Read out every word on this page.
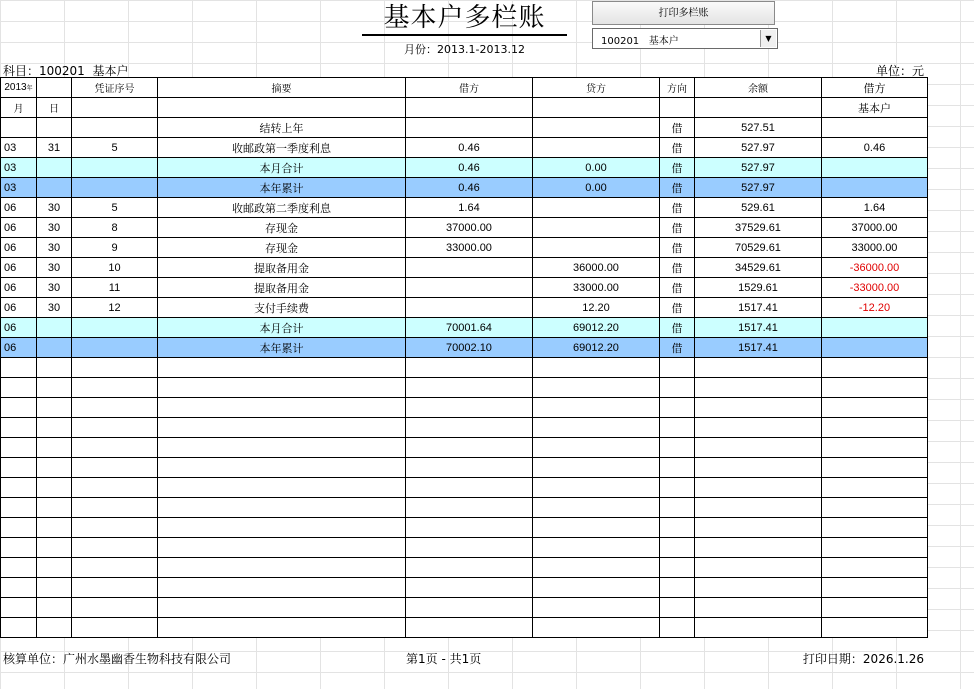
基本户多栏账
月份：2013.1-2013.12
打印多栏账
100201   基本户	▼
科目：100201  基本户	单位：元
2013年		凭证序号	摘要	借方	贷方	方向	余额	借方
月	日							基本户
			结转上年			借	527.51	
03	31	5	收邮政第一季度利息	0.46		借	527.97	0.46
03			本月合计	0.46	0.00	借	527.97	
03			本年累计	0.46	0.00	借	527.97	
06	30	5	收邮政第二季度利息	1.64		借	529.61	1.64
06	30	8	存现金	37000.00		借	37529.61	37000.00
06	30	9	存现金	33000.00		借	70529.61	33000.00
06	30	10	提取备用金		36000.00	借	34529.61	-36000.00
06	30	11	提取备用金		33000.00	借	1529.61	-33000.00
06	30	12	支付手续费		12.20	借	1517.41	-12.20
06			本月合计	70001.64	69012.20	借	1517.41	
06			本年累计	70002.10	69012.20	借	1517.41	

核算单位：广州水墨幽香生物科技有限公司	第1页 - 共1页	打印日期：2026.1.26
